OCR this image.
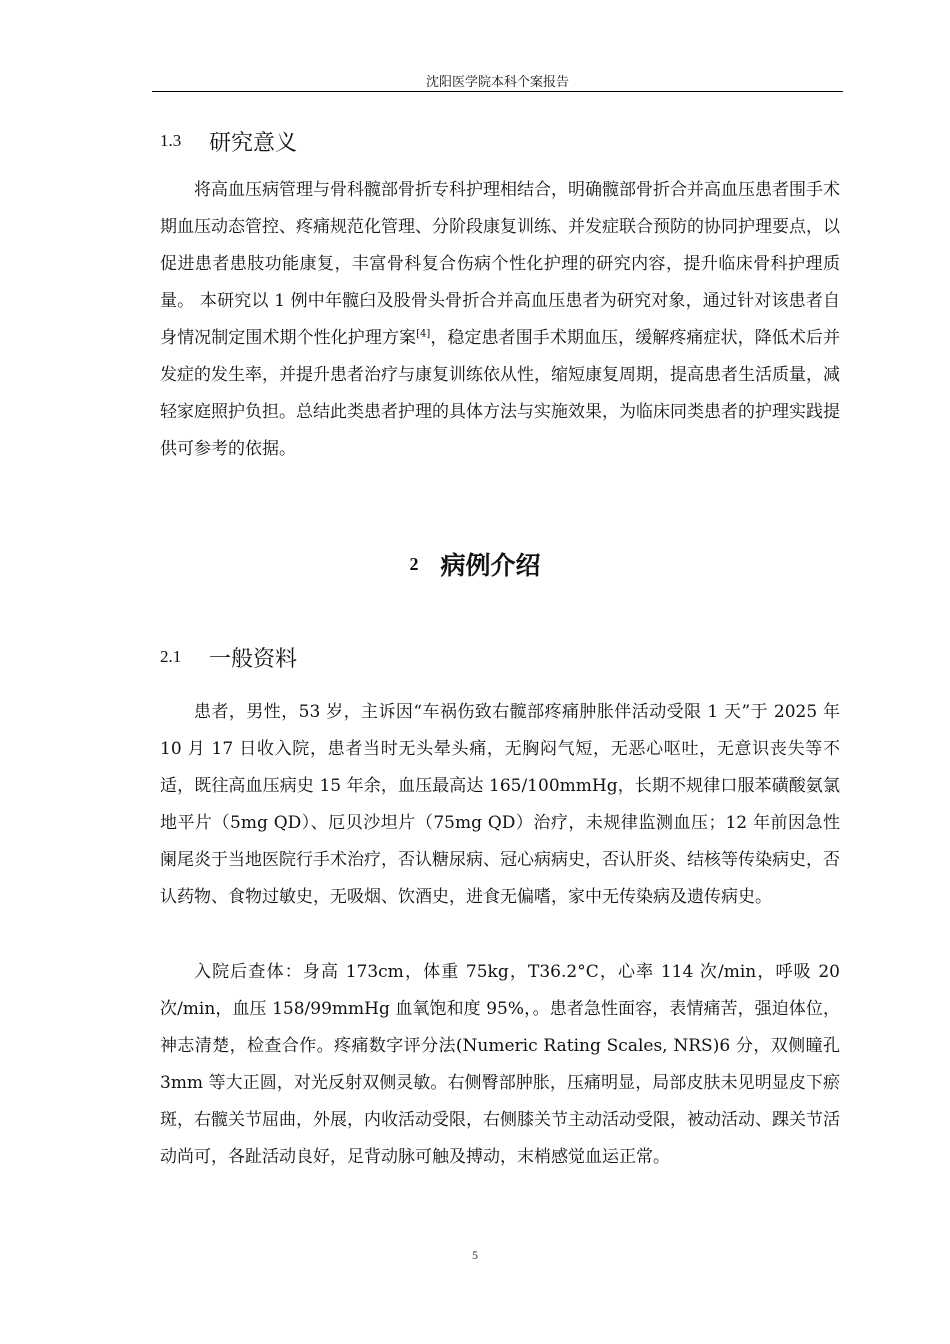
沈阳医学院本科个案报告
1.3	研究意义

将高血压病管理与骨科髋部骨折专科护理相结合，明确髋部骨折合并高血压患者围手术期血压动态管控、疼痛规范化管理、分阶段康复训练、并发症联合预防的协同护理要点，以促进患者患肢功能康复，丰富骨科复合伤病个性化护理的研究内容，提升临床骨科护理质量。 本研究以 1 例中年髋臼及股骨头骨折合并高血压患者为研究对象，通过针对该患者自身情况制定围术期个性化护理方案[4]，稳定患者围手术期血压，缓解疼痛症状，降低术后并发症的发生率，并提升患者治疗与康复训练依从性，缩短康复周期，提高患者生活质量，减轻家庭照护负担。总结此类患者护理的具体方法与实施效果，为临床同类患者的护理实践提供可参考的依据。

2 病例介绍
2.1	一般资料

患者，男性，53 岁，主诉因“车祸伤致右髋部疼痛肿胀伴活动受限 1 天”于 2025 年 10 月 17 日收入院，患者当时无头晕头痛，无胸闷气短，无恶心呕吐，无意识丧失等不适，既往高血压病史 15 年余，血压最高达 165/100mmHg，长期不规律口服苯磺酸氨氯地平片（5mg QD）、厄贝沙坦片（75mg QD）治疗，未规律监测血压；12 年前因急性阑尾炎于当地医院行手术治疗，否认糖尿病、冠心病病史，否认肝炎、结核等传染病史，否认药物、食物过敏史，无吸烟、饮酒史，进食无偏嗜，家中无传染病及遗传病史。

入院后查体：身高 173cm，体重 75kg，T36.2°C，心率 114 次/min，呼吸 20 次/min，血压 158/99mmHg 血氧饱和度 95%，。患者急性面容，表情痛苦，强迫体位，神志清楚，检查合作。疼痛数字评分法(Numeric Rating Scales, NRS)6 分，双侧瞳孔 3mm 等大正圆，对光反射双侧灵敏。右侧臀部肿胀，压痛明显，局部皮肤未见明显皮下瘀斑，右髋关节屈曲，外展，内收活动受限，右侧膝关节主动活动受限，被动活动、踝关节活动尚可，各趾活动良好，足背动脉可触及搏动，末梢感觉血运正常。

5
